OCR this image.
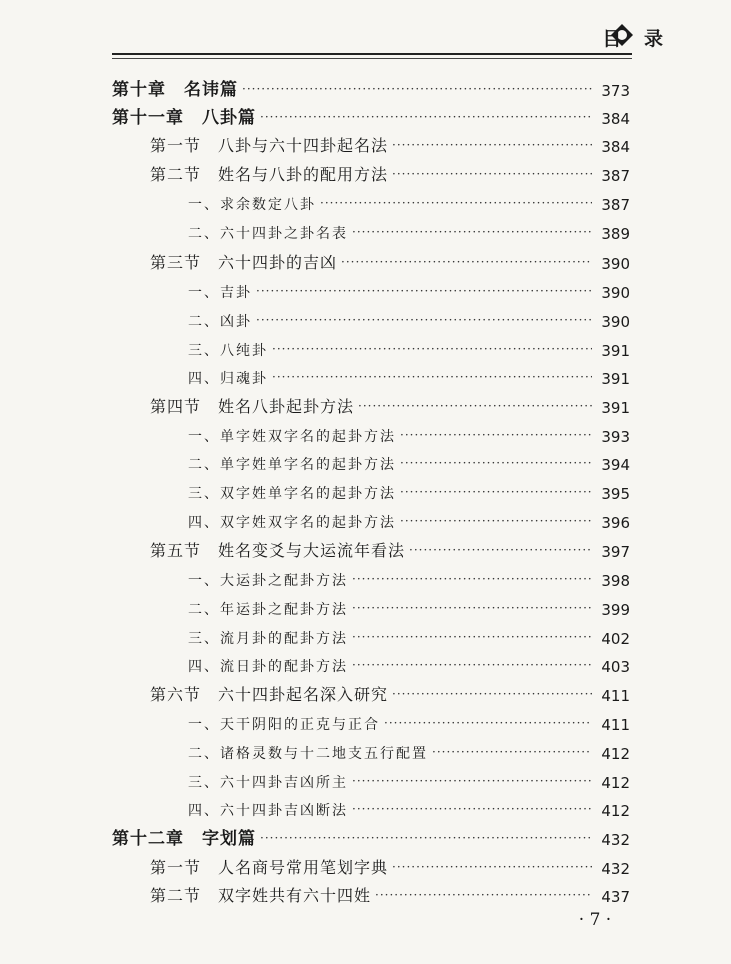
目 录
第十章　名讳篇 ·····	373
第十一章　八卦篇 ·····	384
第一节　八卦与六十四卦起名法 ·····	384
第二节　姓名与八卦的配用方法 ·····	387
一、求余数定八卦 ·····	387
二、六十四卦之卦名表 ·····	389
第三节　六十四卦的吉凶 ·····	390
一、吉卦 ·····	390
二、凶卦 ·····	390
三、八纯卦 ·····	391
四、归魂卦 ·····	391
第四节　姓名八卦起卦方法 ·····	391
一、单字姓双字名的起卦方法 ·····	393
二、单字姓单字名的起卦方法 ·····	394
三、双字姓单字名的起卦方法 ·····	395
四、双字姓双字名的起卦方法 ·····	396
第五节　姓名变爻与大运流年看法 ·····	397
一、大运卦之配卦方法 ·····	398
二、年运卦之配卦方法 ·····	399
三、流月卦的配卦方法 ·····	402
四、流日卦的配卦方法 ·····	403
第六节　六十四卦起名深入研究 ·····	411
一、天干阴阳的正克与正合 ·····	411
二、诸格灵数与十二地支五行配置 ·····	412
三、六十四卦吉凶所主 ·····	412
四、六十四卦吉凶断法 ·····	412
第十二章　字划篇 ·····	432
第一节　人名商号常用笔划字典 ·····	432
第二节　双字姓共有六十四姓 ·····	437
· 7 ·
